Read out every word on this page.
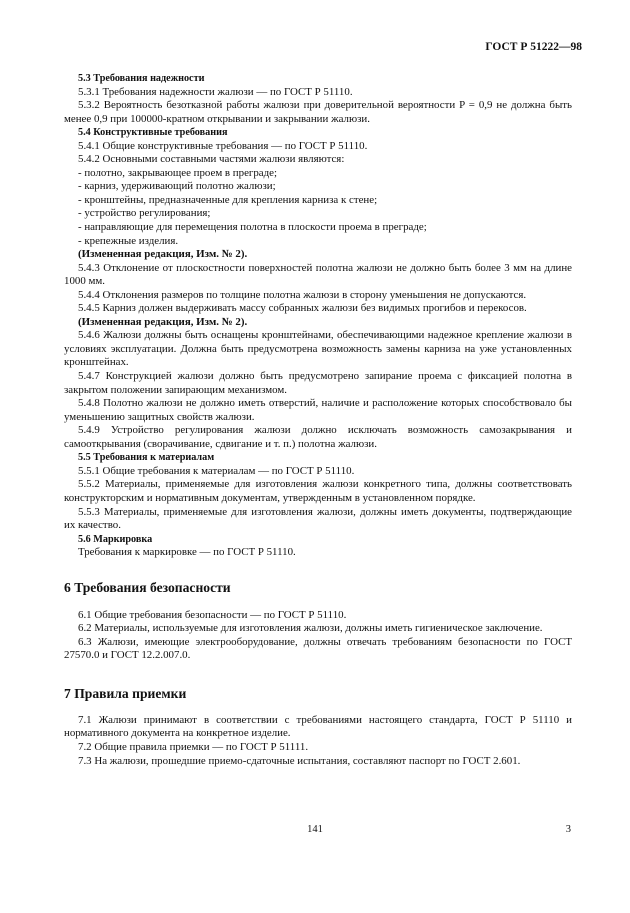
ГОСТ Р 51222—98

5.3 Требования надежности

5.3.1 Требования надежности жалюзи — по ГОСТ Р 51110.

5.3.2 Вероятность безотказной работы жалюзи при доверительной вероятности P = 0,9 не должна быть менее 0,9 при 100000-кратном открывании и закрывании жалюзи.

5.4 Конструктивные требования

5.4.1 Общие конструктивные требования — по ГОСТ Р 51110.

5.4.2 Основными составными частями жалюзи являются:

- полотно, закрывающее проем в преграде;

- карниз, удерживающий полотно жалюзи;

- кронштейны, предназначенные для крепления карниза к стене;

- устройство регулирования;

- направляющие для перемещения полотна в плоскости проема в преграде;

- крепежные изделия.

(Измененная редакция, Изм. № 2).

5.4.3 Отклонение от плоскостности поверхностей полотна жалюзи не должно быть более 3 мм на длине 1000 мм.

5.4.4 Отклонения размеров по толщине полотна жалюзи в сторону уменьшения не допускаются.

5.4.5 Карниз должен выдерживать массу собранных жалюзи без видимых прогибов и перекосов.

(Измененная редакция, Изм. № 2).

5.4.6 Жалюзи должны быть оснащены кронштейнами, обеспечивающими надежное крепление жалюзи в условиях эксплуатации. Должна быть предусмотрена возможность замены карниза на уже установленных кронштейнах.

5.4.7 Конструкцией жалюзи должно быть предусмотрено запирание проема с фиксацией полотна в закрытом положении запирающим механизмом.

5.4.8 Полотно жалюзи не должно иметь отверстий, наличие и расположение которых способствовало бы уменьшению защитных свойств жалюзи.

5.4.9 Устройство регулирования жалюзи должно исключать возможность самозакрывания и самооткрывания (сворачивание, сдвигание и т. п.) полотна жалюзи.

5.5 Требования к материалам

5.5.1 Общие требования к материалам — по ГОСТ Р 51110.

5.5.2 Материалы, применяемые для изготовления жалюзи конкретного типа, должны соответствовать конструкторским и нормативным документам, утвержденным в установленном порядке.

5.5.3 Материалы, применяемые для изготовления жалюзи, должны иметь документы, подтверждающие их качество.

5.6 Маркировка

Требования к маркировке — по ГОСТ Р 51110.

6 Требования безопасности

6.1 Общие требования безопасности — по ГОСТ Р 51110.

6.2 Материалы, используемые для изготовления жалюзи, должны иметь гигиеническое заключение.

6.3 Жалюзи, имеющие электрооборудование, должны отвечать требованиям безопасности по ГОСТ 27570.0 и ГОСТ 12.2.007.0.

7 Правила приемки

7.1 Жалюзи принимают в соответствии с требованиями настоящего стандарта, ГОСТ Р 51110 и нормативного документа на конкретное изделие.

7.2 Общие правила приемки — по ГОСТ Р 51111.

7.3 На жалюзи, прошедшие приемо-сдаточные испытания, составляют паспорт по ГОСТ 2.601.

141	3
